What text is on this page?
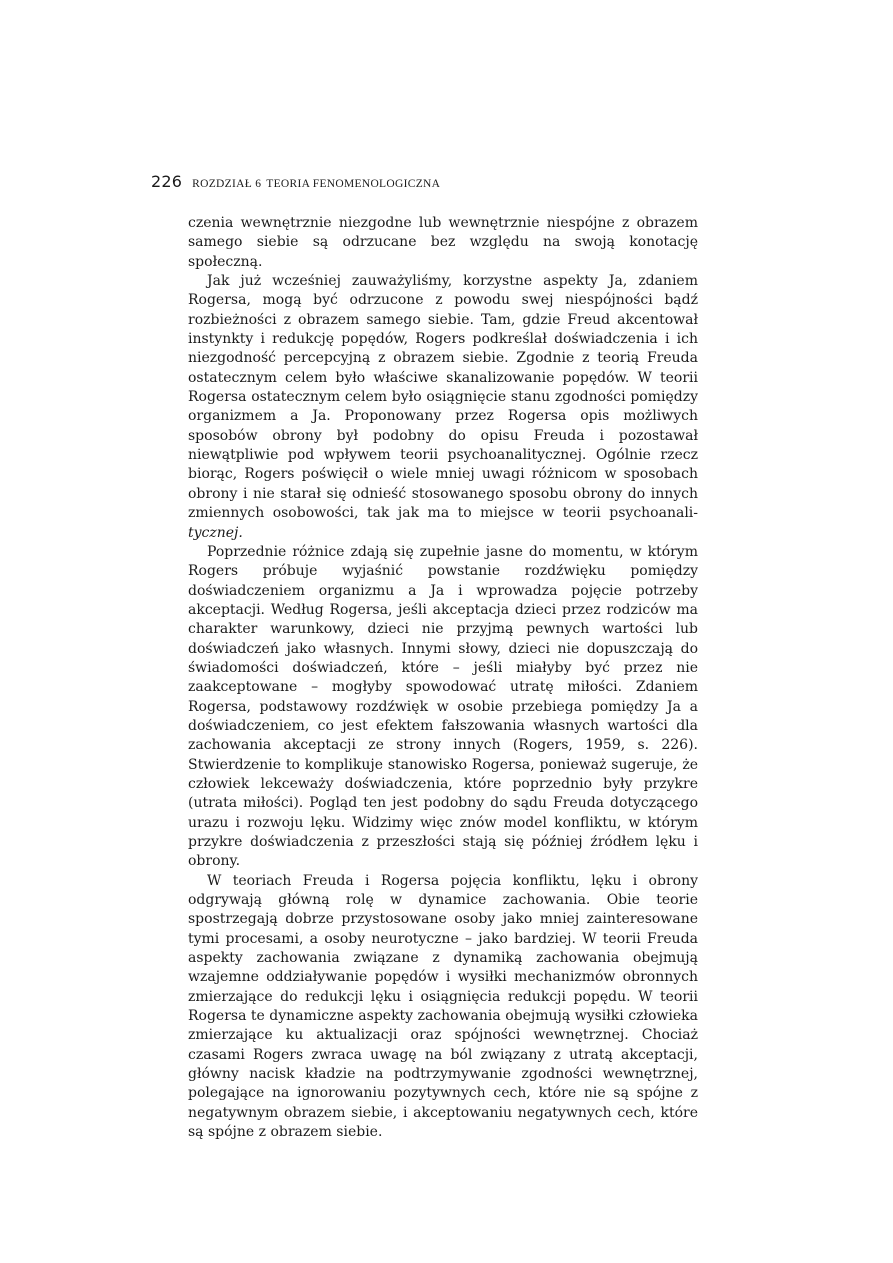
226 ROZDZIAŁ 6 TEORIA FENOMENOLOGICZNA

czenia wewnętrznie niezgodne lub wewnętrznie niespójne z obrazem samego siebie są odrzucane bez względu na swoją konotację społeczną.

Jak już wcześniej zauważyliśmy, korzystne aspekty Ja, zdaniem Rogersa, mogą być odrzucone z powodu swej niespójności bądź rozbieżności z obrazem samego siebie. Tam, gdzie Freud akcentował instynkty i redukcję popędów, Rogers podkreślał doświadczenia i ich niezgodność percepcyjną z obrazem siebie. Zgodnie z teorią Freuda ostatecznym celem było właściwe skanalizowanie popędów. W teorii Rogersa ostatecznym celem było osiągnięcie stanu zgodności pomiędzy organizmem a Ja. Proponowany przez Rogersa opis możliwych sposobów obrony był podobny do opisu Freuda i pozostawał niewątpliwie pod wpływem teorii psychoanalitycznej. Ogólnie rzecz biorąc, Rogers poświęcił o wiele mniej uwagi różnicom w sposobach obrony i nie starał się odnieść stosowanego sposobu obrony do innych zmiennych osobowości, tak jak ma to miejsce w teorii psychoanali-tycznej.

Poprzednie różnice zdają się zupełnie jasne do momentu, w którym Rogers próbuje wyjaśnić powstanie rozdźwięku pomiędzy doświadczeniem organizmu a Ja i wprowadza pojęcie potrzeby akceptacji. Według Rogersa, jeśli akceptacja dzieci przez rodziców ma charakter warunkowy, dzieci nie przyjmą pewnych wartości lub doświadczeń jako własnych. Innymi słowy, dzieci nie dopuszczają do świadomości doświadczeń, które – jeśli miałyby być przez nie zaakceptowane – mogłyby spowodować utratę miłości. Zdaniem Rogersa, podstawowy rozdźwięk w osobie przebiega pomiędzy Ja a doświadczeniem, co jest efektem fałszowania własnych wartości dla zachowania akceptacji ze strony innych (Rogers, 1959, s. 226). Stwierdzenie to komplikuje stanowisko Rogersa, ponieważ sugeruje, że człowiek lekceważy doświadczenia, które poprzednio były przykre (utrata miłości). Pogląd ten jest podobny do sądu Freuda dotyczącego urazu i rozwoju lęku. Widzimy więc znów model konfliktu, w którym przykre doświadczenia z przeszłości stają się później źródłem lęku i obrony.

W teoriach Freuda i Rogersa pojęcia konfliktu, lęku i obrony odgrywają główną rolę w dynamice zachowania. Obie teorie spostrzegają dobrze przystosowane osoby jako mniej zainteresowane tymi procesami, a osoby neurotyczne – jako bardziej. W teorii Freuda aspekty zachowania związane z dynamiką zachowania obejmują wzajemne oddziaływanie popędów i wysiłki mechanizmów obronnych zmierzające do redukcji lęku i osiągnięcia redukcji popędu. W teorii Rogersa te dynamiczne aspekty zachowania obejmują wysiłki człowieka zmierzające ku aktualizacji oraz spójności wewnętrznej. Chociaż czasami Rogers zwraca uwagę na ból związany z utratą akceptacji, główny nacisk kładzie na podtrzymywanie zgodności wewnętrznej, polegające na ignorowaniu pozytywnych cech, które nie są spójne z negatywnym obrazem siebie, i akceptowaniu negatywnych cech, które są spójne z obrazem siebie.
